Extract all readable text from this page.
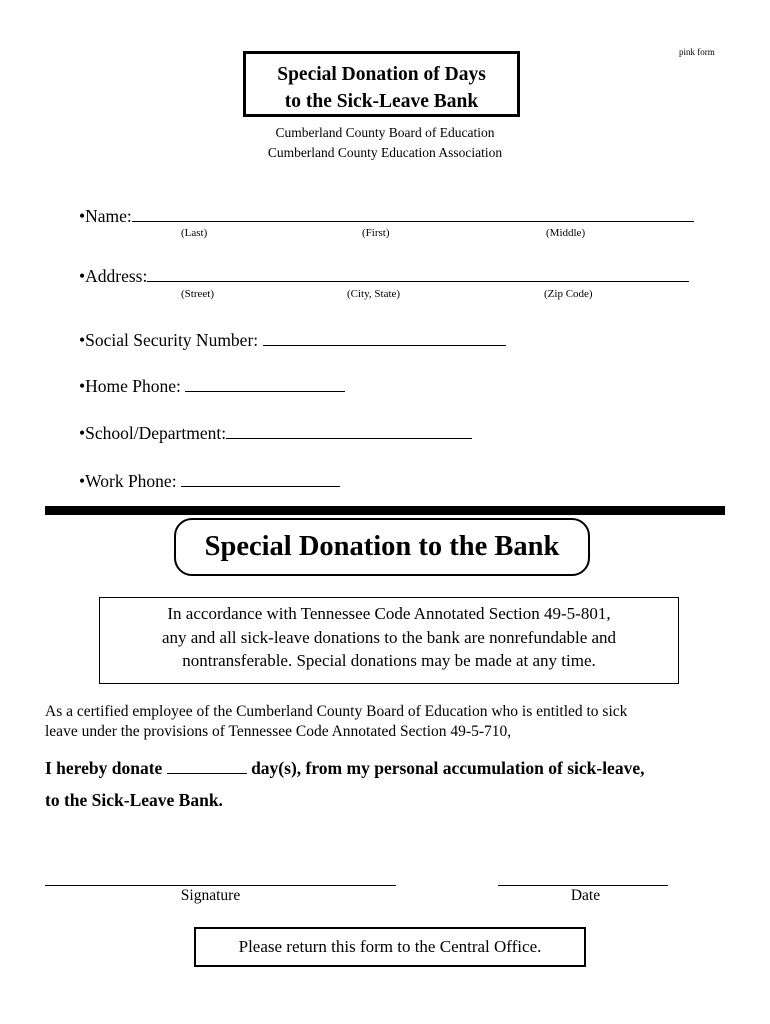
pink form
Special Donation of Days
to the Sick-Leave Bank
Cumberland County Board of Education
Cumberland County Education Association
•Name:
(Last)	(First)	(Middle)
•Address:
(Street)	(City, State)	(Zip Code)
•Social Security Number:
•Home Phone:
•School/Department:
•Work Phone:
Special Donation to the Bank
In accordance with Tennessee Code Annotated Section 49-5-801,
any and all sick-leave donations to the bank are nonrefundable and
nontransferable. Special donations may be made at any time.
As a certified employee of the Cumberland County Board of Education who is entitled to sick
leave under the provisions of Tennessee Code Annotated Section 49-5-710,
I hereby donate	day(s), from my personal accumulation of sick-leave,
to the Sick-Leave Bank.
Signature	Date
Please return this form to the Central Office.
